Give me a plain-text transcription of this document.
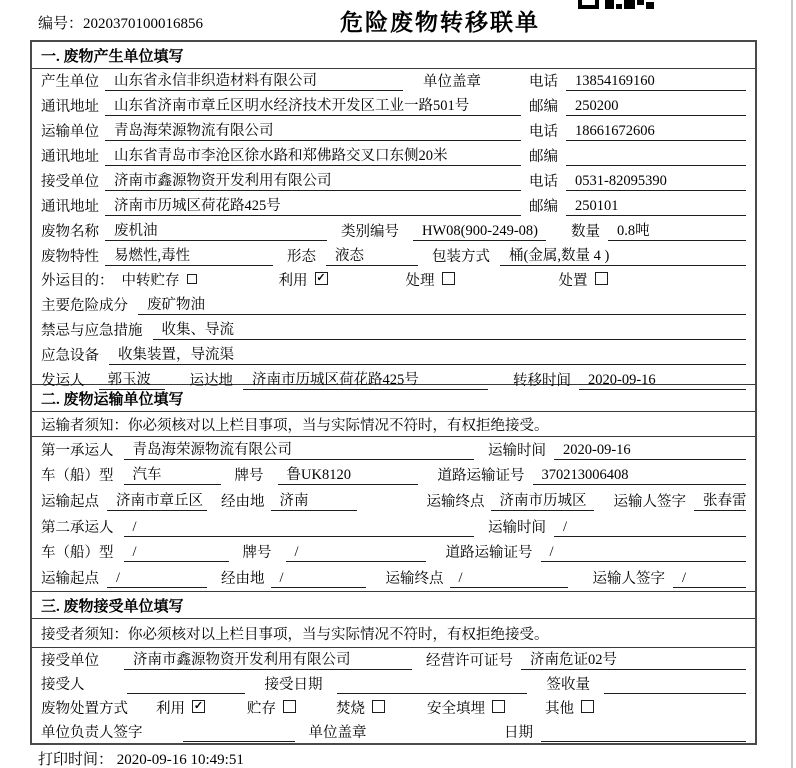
编号：2020370100016856	危险废物转移联单
一. 废物产生单位填写
产生单位	山东省永信非织造材料有限公司	单位盖章	电话	13854169160
通讯地址	山东省济南市章丘区明水经济技术开发区工业一路501号	邮编	250200
运输单位	青岛海荣源物流有限公司	电话	18661672606
通讯地址	山东省青岛市李沧区徐水路和郑佛路交叉口东侧20米	邮编
接受单位	济南市鑫源物资开发利用有限公司	电话	0531-82095390
通讯地址	济南市历城区荷花路425号	邮编	250101
废物名称	废机油	类别编号	HW08(900-249-08)	数量	0.8吨
废物特性	易燃性,毒性	形态	液态	包装方式	桶(金属,数量 4 )
外运目的： 中转贮存	利用 ✓	处理	处置
主要危险成分	废矿物油
禁忌与应急措施	收集、导流
应急设备	收集装置，导流渠
发运人	郭玉波	运达地	济南市历城区荷花路425号	转移时间	2020-09-16
二. 废物运输单位填写
运输者须知： 你必须核对以上栏目事项，当与实际情况不符时，有权拒绝接受。
第一承运人	青岛海荣源物流有限公司	运输时间	2020-09-16
车（船）型	汽车	牌号	鲁UK8120	道路运输证号	370213006408
运输起点	济南市章丘区 经由地	济南	运输终点	济南市历城区	运输人签字	张春雷
第二承运人	/	运输时间	/
车（船）型	/	牌号	/	道路运输证号	/
运输起点	/	经由地	/	运输终点	/	运输人签字	/
三. 废物接受单位填写
接受者须知： 你必须核对以上栏目事项，当与实际情况不符时，有权拒绝接受。
接受单位	济南市鑫源物资开发利用有限公司	经营许可证号	济南危证02号
接受人	接受日期	签收量
废物处置方式 利用 ✓	贮存	焚烧	安全填埋	其他
单位负责人签字	单位盖章	日期
打印时间： 2020-09-16 10:49:51
